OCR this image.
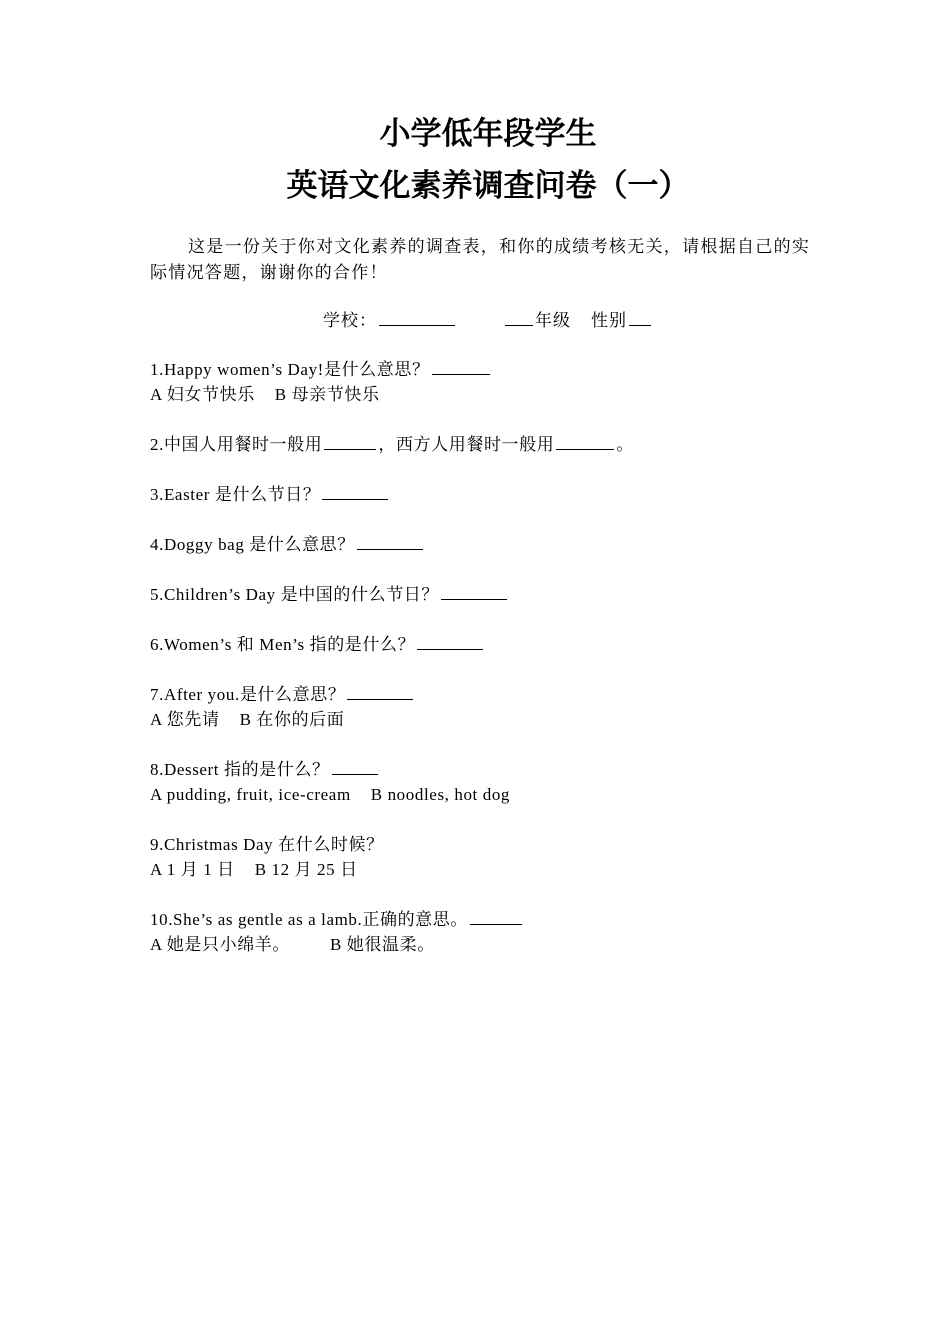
小学低年段学生
英语文化素养调查问卷（一）

这是一份关于你对文化素养的调查表，和你的成绩考核无关，请根据自己的实际情况答题，谢谢你的合作！

学校：	年级 性别
1.Happy women’s Day!是什么意思？
A 妇女节快乐 B 母亲节快乐
2.中国人用餐时一般用	，西方人用餐时一般用	。
3.Easter 是什么节日？
4.Doggy bag 是什么意思？
5.Children’s Day 是中国的什么节日？
6.Women’s 和 Men’s 指的是什么？
7.After you.是什么意思？
A 您先请 B 在你的后面
8.Dessert 指的是什么？
A pudding, fruit, ice-cream B noodles, hot dog
9.Christmas Day 在什么时候？
A 1 月 1 日 B 12 月 25 日
10.She’s as gentle as a lamb.正确的意思。
A 她是只小绵羊。 B 她很温柔。
